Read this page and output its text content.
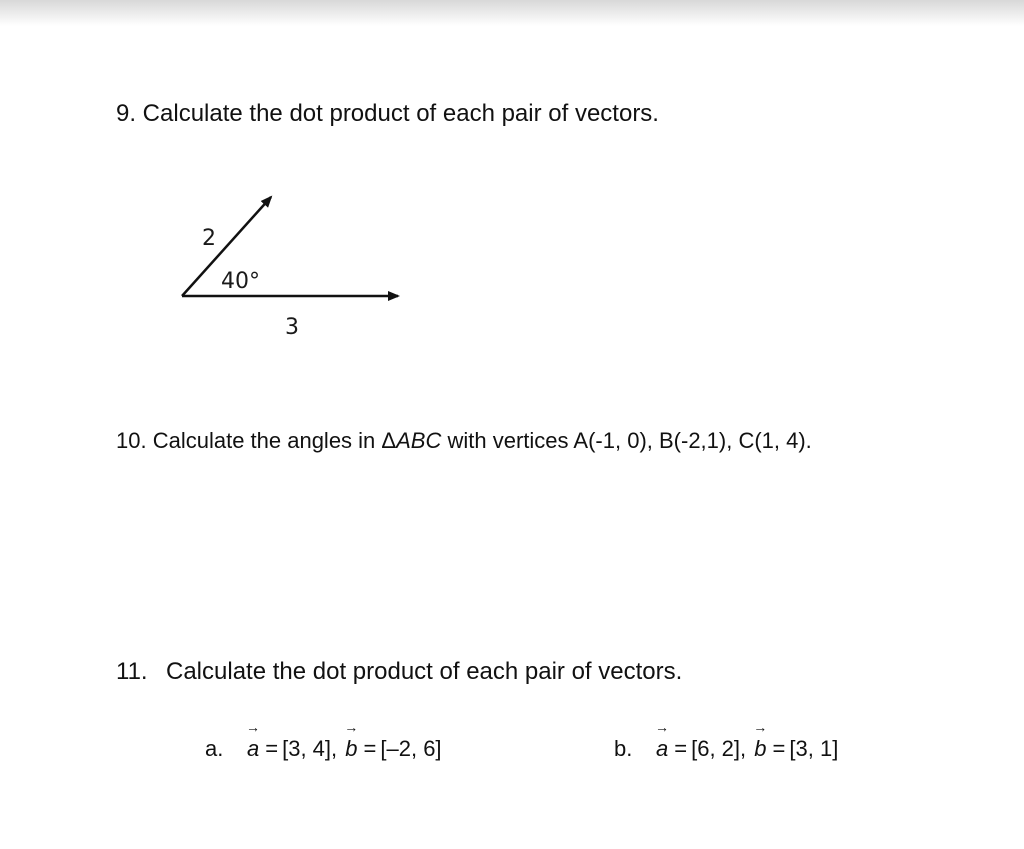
9. Calculate the dot product of each pair of vectors.
2
40°
3
10. Calculate the angles in ΔABC with vertices A(-1, 0), B(-2,1), C(1, 4).
11. Calculate the dot product of each pair of vectors.
a.
→
a = [3, 4],
→
b = [–2, 6]	b.
→
a = [6, 2],
→
b = [3, 1]
